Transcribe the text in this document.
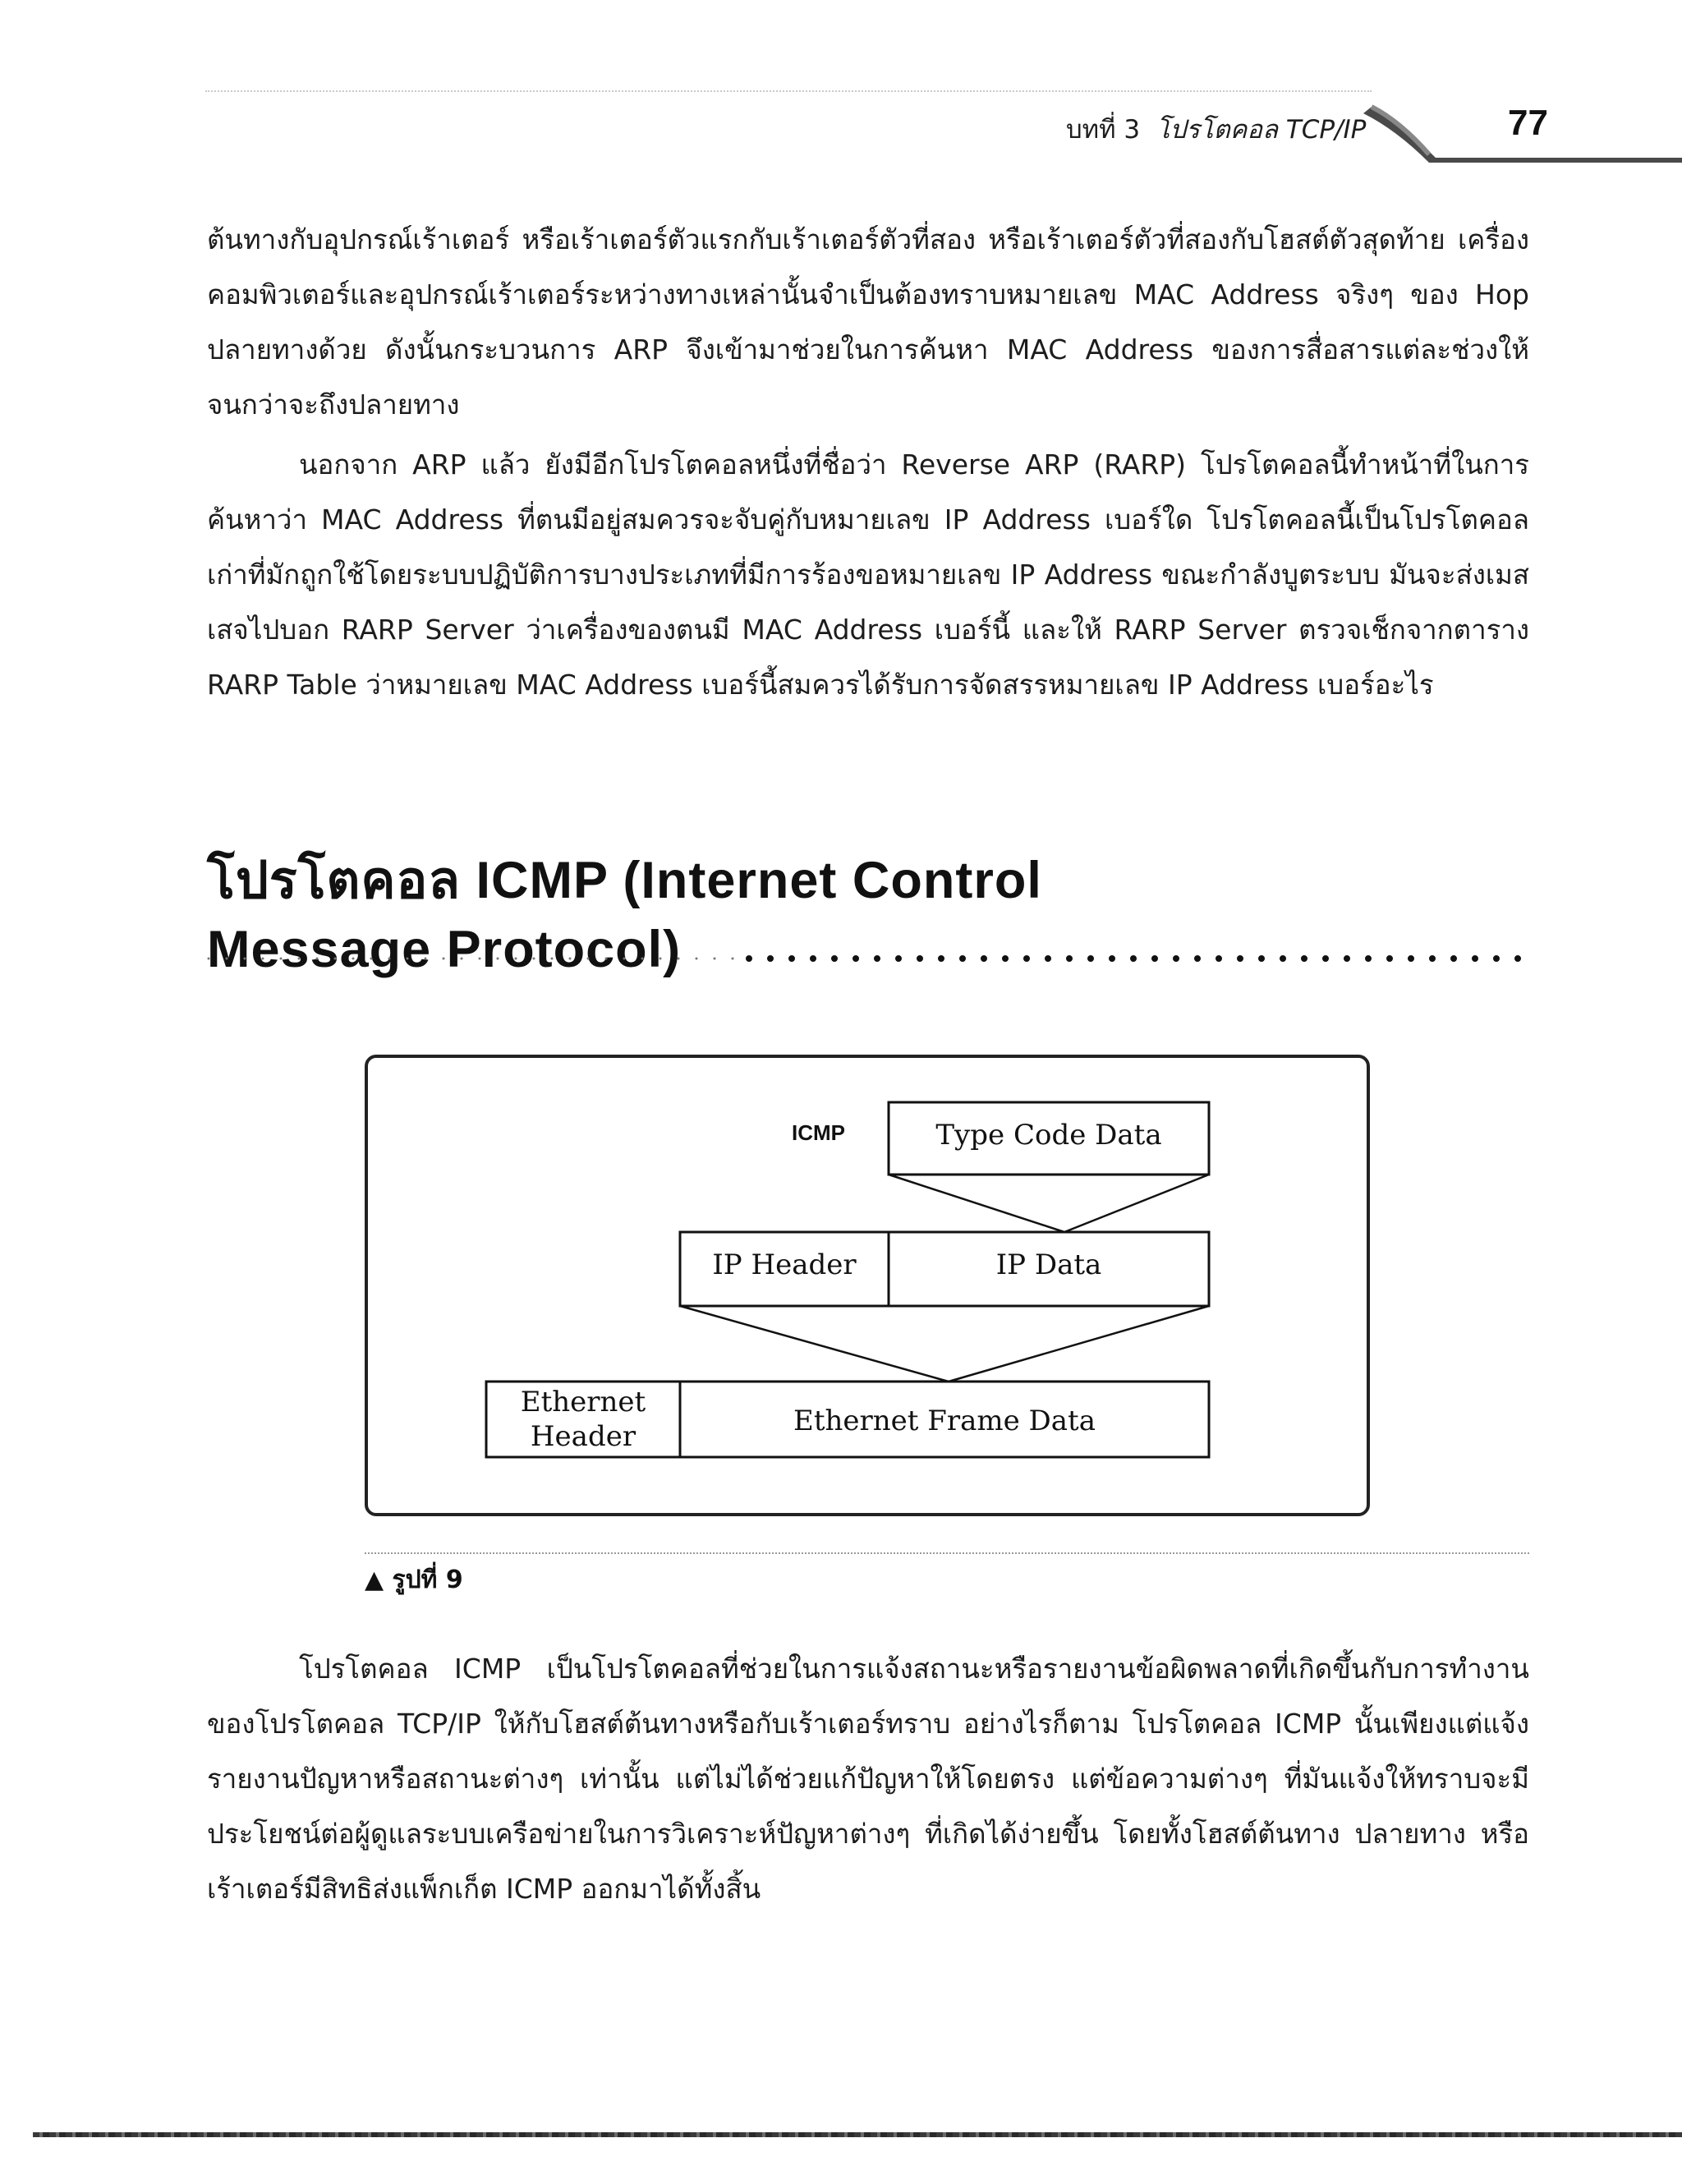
บทที่ 3 โปรโตคอล TCP/IP	77
ต้นทางกับอุปกรณ์เร้าเตอร์ หรือเร้าเตอร์ตัวแรกกับเร้าเตอร์ตัวที่สอง หรือเร้าเตอร์ตัวที่สองกับโฮสต์ตัวสุดท้าย เครื่องคอมพิวเตอร์และอุปกรณ์เร้าเตอร์ระหว่างทางเหล่านั้นจำเป็นต้องทราบหมายเลข MAC Address จริงๆ ของ Hop ปลายทางด้วย ดังนั้นกระบวนการ ARP จึงเข้ามาช่วยในการค้นหา MAC Address ของการสื่อสารแต่ละช่วงให้จนกว่าจะถึงปลายทาง
นอกจาก ARP แล้ว ยังมีอีกโปรโตคอลหนึ่งที่ชื่อว่า Reverse ARP (RARP) โปรโตคอลนี้ทำหน้าที่ในการค้นหาว่า MAC Address ที่ตนมีอยู่สมควรจะจับคู่กับหมายเลข IP Address เบอร์ใด โปรโตคอลนี้เป็นโปรโตคอลเก่าที่มักถูกใช้โดยระบบปฏิบัติการบางประเภทที่มีการร้องขอหมายเลข IP Address ขณะกำลังบูตระบบ มันจะส่งเมสเสจไปบอก RARP Server ว่าเครื่องของตนมี MAC Address เบอร์นี้ และให้ RARP Server ตรวจเช็กจากตาราง RARP Table ว่าหมายเลข MAC Address เบอร์นี้สมควรได้รับการจัดสรรหมายเลข IP Address เบอร์อะไร
โปรโตคอล ICMP (Internet Control
Message Protocol)
ICMP	Type Code Data
IP Header	IP Data
Ethernet
Header	Ethernet Frame Data
▲ รูปที่ 9
โปรโตคอล ICMP เป็นโปรโตคอลที่ช่วยในการแจ้งสถานะหรือรายงานข้อผิดพลาดที่เกิดขึ้นกับการทำงานของโปรโตคอล TCP/IP ให้กับโฮสต์ต้นทางหรือกับเร้าเตอร์ทราบ อย่างไรก็ตาม โปรโตคอล ICMP นั้นเพียงแต่แจ้งรายงานปัญหาหรือสถานะต่างๆ เท่านั้น แต่ไม่ได้ช่วยแก้ปัญหาให้โดยตรง แต่ข้อความต่างๆ ที่มันแจ้งให้ทราบจะมีประโยชน์ต่อผู้ดูแลระบบเครือข่ายในการวิเคราะห์ปัญหาต่างๆ ที่เกิดได้ง่ายขึ้น โดยทั้งโฮสต์ต้นทาง ปลายทาง หรือเร้าเตอร์มีสิทธิส่งแพ็กเก็ต ICMP ออกมาได้ทั้งสิ้น
